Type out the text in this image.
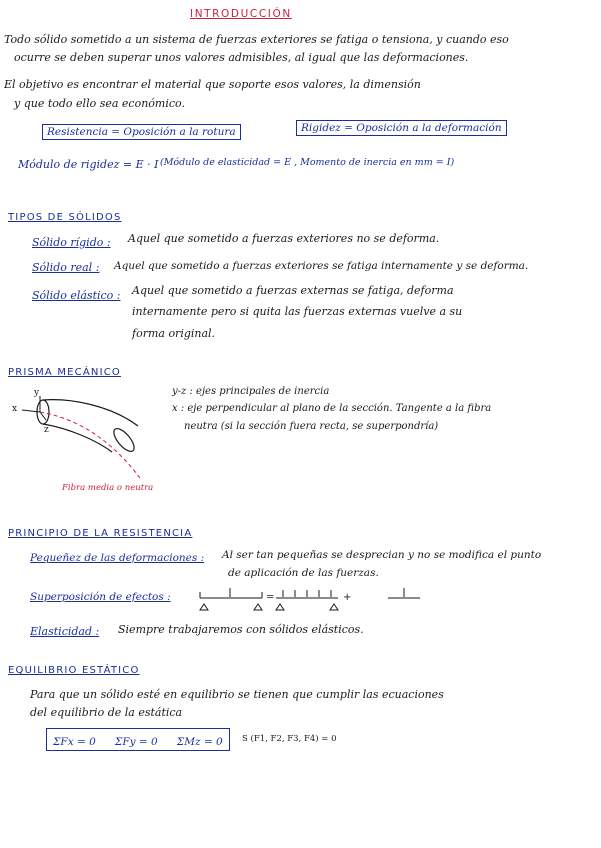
INTRODUCCIÓN
Todo sólido sometido a un sistema de fuerzas exteriores se fatiga o tensiona, y cuando eso
ocurre se deben superar unos valores admisibles, al igual que las deformaciones.
El objetivo es encontrar el material que soporte esos valores, la dimensión
y que todo ello sea económico.
Resistencia = Oposición a la rotura	Rigidez = Oposición a la deformación
Módulo de rigidez = E · I (Módulo de elasticidad = E , Momento de inercia en mm = I)
TIPOS DE SÓLIDOS
Sólido rígido : Aquel que sometido a fuerzas exteriores no se deforma.
Sólido real : Aquel que sometido a fuerzas exteriores se fatiga internamente y se deforma.
Sólido elástico : Aquel que sometido a fuerzas externas se fatiga, deforma
internamente pero si quita las fuerzas externas vuelve a su
forma original.
PRISMA MECÁNICO
x
y
z
Fibra media o neutra
y-z : ejes principales de inercia
x : eje perpendicular al plano de la sección. Tangente a la fibra
neutra (si la sección fuera recta, se superpondría)
PRINCIPIO DE LA RESISTENCIA
Pequeñez de las deformaciones : Al ser tan pequeñas se desprecian y no se modifica el punto
de aplicación de las fuerzas.
Superposición de efectos :	=	+
Elasticidad : Siempre trabajaremos con sólidos elásticos.
EQUILIBRIO ESTÁTICO
Para que un sólido esté en equilibrio se tienen que cumplir las ecuaciones
del equilibrio de la estática
ΣFx = 0 ΣFy = 0 ΣMz = 0	S (F1, F2, F3, F4) = 0
